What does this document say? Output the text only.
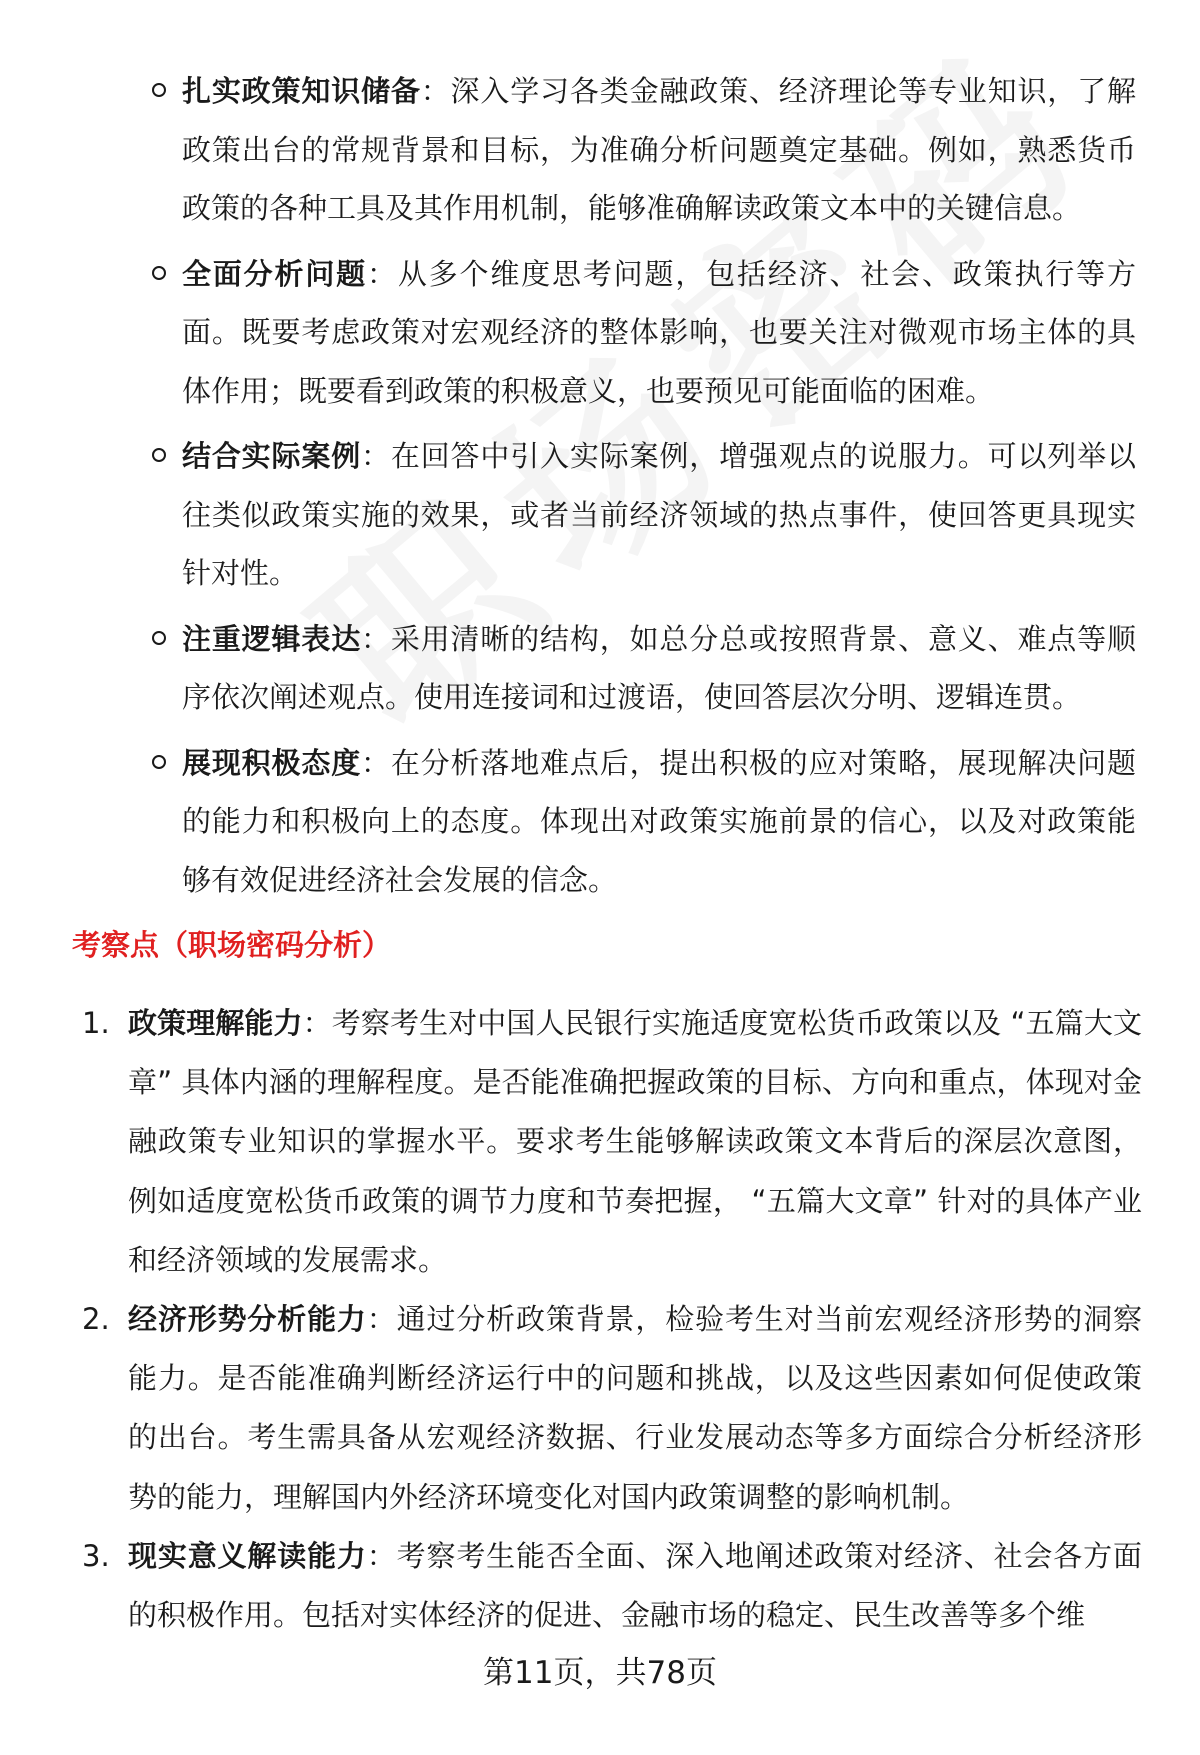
扎实政策知识储备：深入学习各类金融政策、经济理论等专业知识，了解政策出台的常规背景和目标，为准确分析问题奠定基础。例如，熟悉货币政策的各种工具及其作用机制，能够准确解读政策文本中的关键信息。

全面分析问题：从多个维度思考问题，包括经济、社会、政策执行等方面。既要考虑政策对宏观经济的整体影响，也要关注对微观市场主体的具体作用；既要看到政策的积极意义，也要预见可能面临的困难。

结合实际案例：在回答中引入实际案例，增强观点的说服力。可以列举以往类似政策实施的效果，或者当前经济领域的热点事件，使回答更具现实针对性。

注重逻辑表达：采用清晰的结构，如总分总或按照背景、意义、难点等顺序依次阐述观点。使用连接词和过渡语，使回答层次分明、逻辑连贯。

展现积极态度：在分析落地难点后，提出积极的应对策略，展现解决问题的能力和积极向上的态度。体现出对政策实施前景的信心，以及对政策能够有效促进经济社会发展的信念。

考察点（职场密码分析）
1. 政策理解能力：考察考生对中国人民银行实施适度宽松货币政策以及 “五篇大文章” 具体内涵的理解程度。是否能准确把握政策的目标、方向和重点，体现对金融政策专业知识的掌握水平。要求考生能够解读政策文本背后的深层次意图，例如适度宽松货币政策的调节力度和节奏把握， “五篇大文章” 针对的具体产业和经济领域的发展需求。

2. 经济形势分析能力：通过分析政策背景，检验考生对当前宏观经济形势的洞察能力。是否能准确判断经济运行中的问题和挑战，以及这些因素如何促使政策的出台。考生需具备从宏观经济数据、行业发展动态等多方面综合分析经济形势的能力，理解国内外经济环境变化对国内政策调整的影响机制。

3. 现实意义解读能力：考察考生能否全面、深入地阐述政策对经济、社会各方面的积极作用。包括对实体经济的促进、金融市场的稳定、民生改善等多个维

第11页，共78页
